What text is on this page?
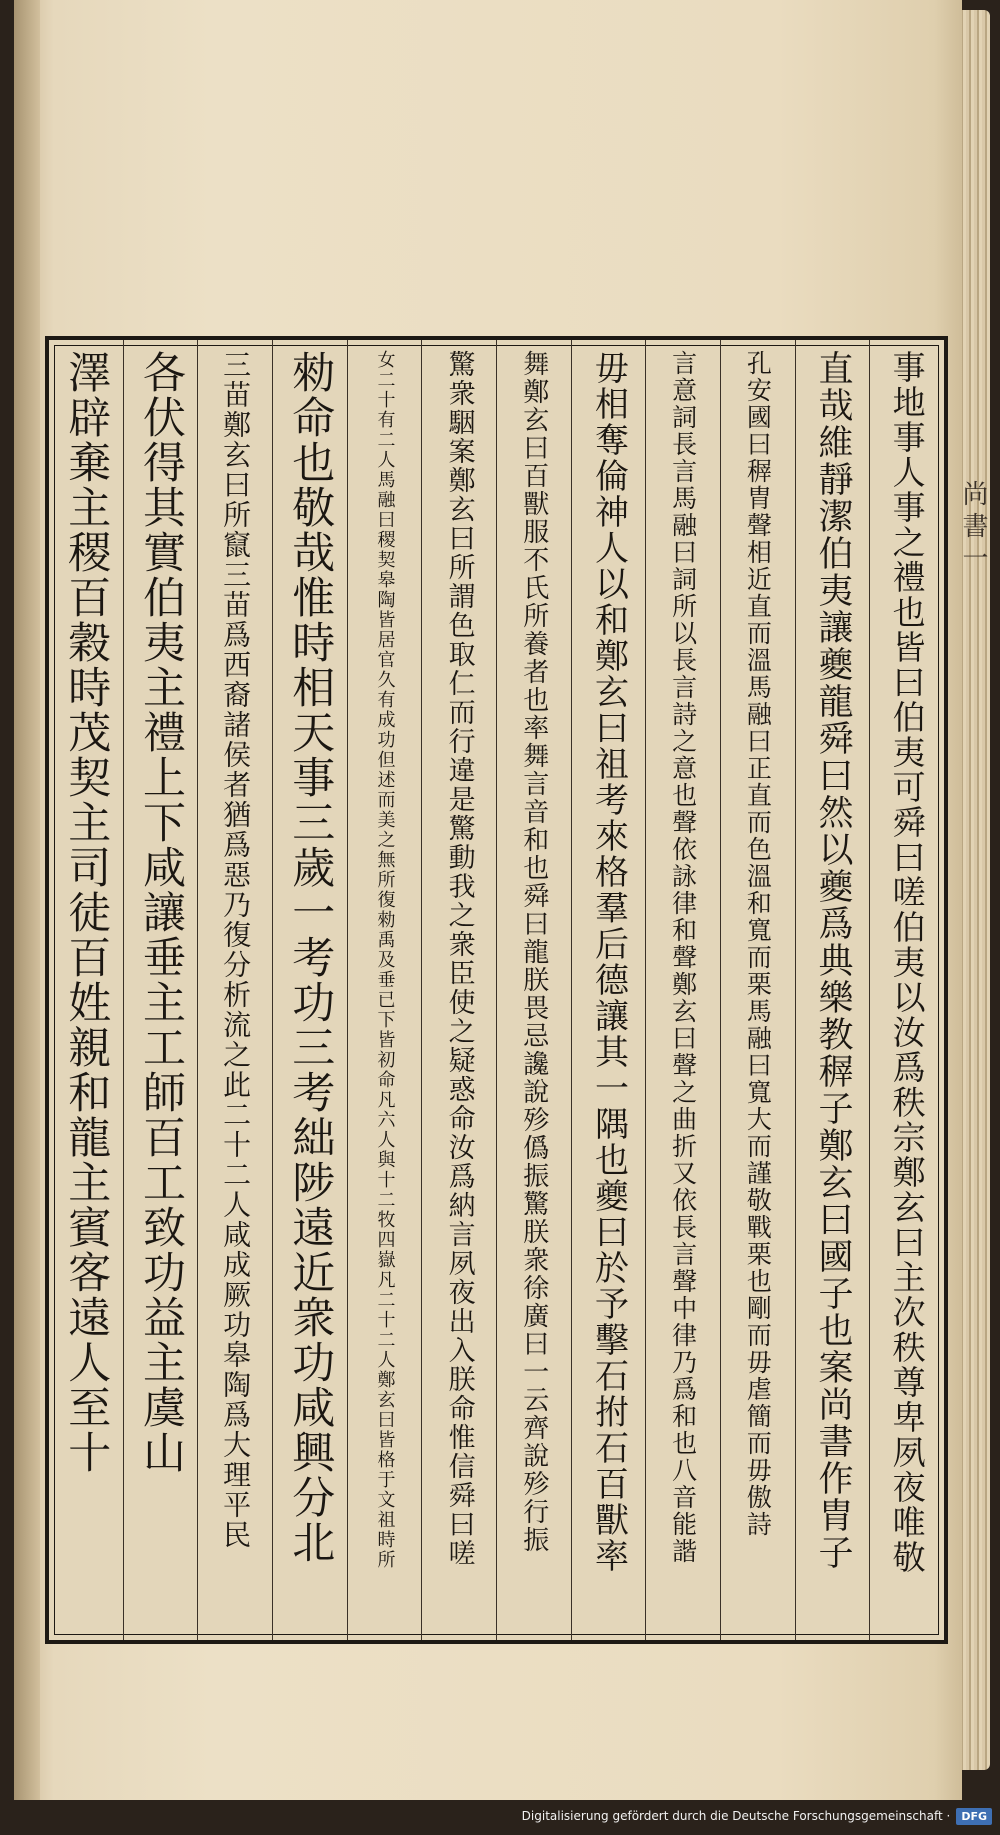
尚書一
事地事人事之禮也皆曰伯夷可舜曰嗟伯夷以汝爲秩宗鄭玄曰主次秩尊卑夙夜唯敬
直哉維靜潔伯夷讓夔龍舜曰然以夔爲典樂教稺子鄭玄曰國子也案尚書作胄子
孔安國曰稺胄聲相近直而溫馬融曰正直而色溫和寬而栗馬融曰寬大而謹敬戰栗也剛而毋虐簡而毋傲詩
言意詞長言馬融曰詞所以長言詩之意也聲依詠律和聲鄭玄曰聲之曲折又依長言聲中律乃爲和也八音能諧
毋相奪倫神人以和鄭玄曰祖考來格羣后德讓其一隅也夔曰於予擊石拊石百獸率
舞鄭玄曰百獸服不氏所養者也率舞言音和也舜曰龍朕畏忌讒說殄僞振驚朕衆徐廣曰一云齊說殄行振
驚衆駰案鄭玄曰所謂色取仁而行違是驚動我之衆臣使之疑惑命汝爲納言夙夜出入朕命惟信舜曰嗟
女二十有二人馬融曰稷契皋陶皆居官久有成功但述而美之無所復勑禹及垂已下皆初命凡六人與十二牧四嶽凡二十二人鄭玄曰皆格于文祖時所
勑命也敬哉惟時相天事三歲一考功三考絀陟遠近衆功咸興分北
三苗鄭玄曰所竄三苗爲西裔諸侯者猶爲惡乃復分析流之此二十二人咸成厥功皋陶爲大理平民
各伏得其實伯夷主禮上下咸讓垂主工師百工致功益主虞山
澤辟棄主稷百穀時茂契主司徒百姓親和龍主賓客遠人至十
Digitalisierung gefördert durch die Deutsche Forschungsgemeinschaft ·	DFG
